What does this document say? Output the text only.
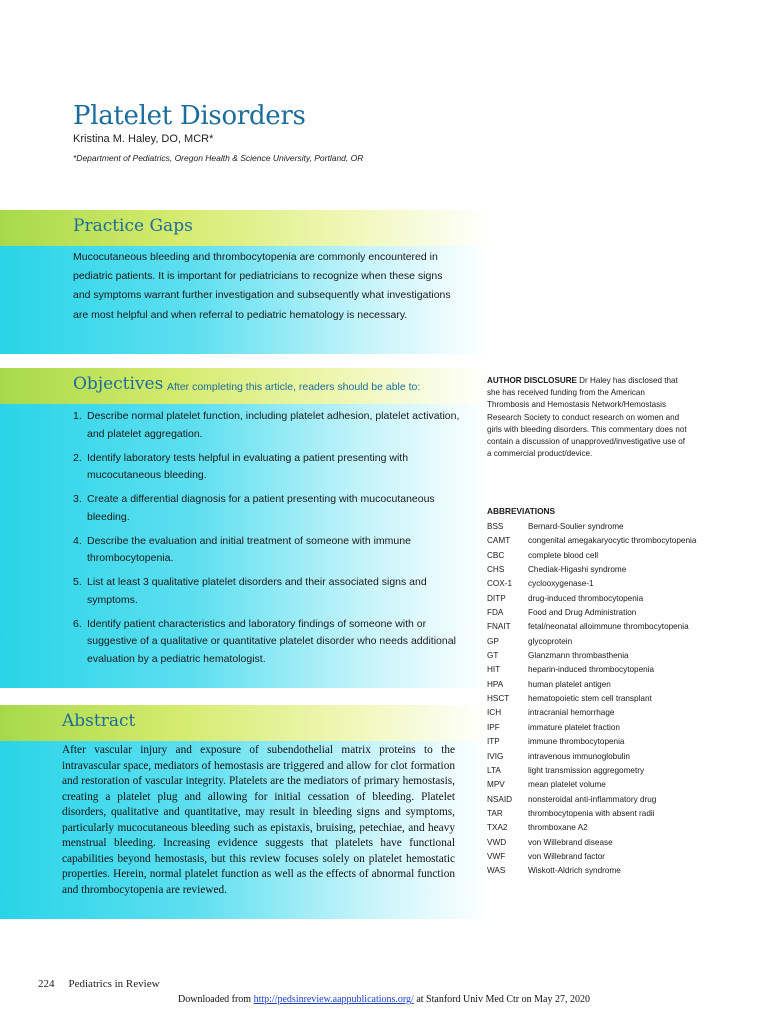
Platelet Disorders
Kristina M. Haley, DO, MCR*
*Department of Pediatrics, Oregon Health & Science University, Portland, OR
Practice Gaps
Mucocutaneous bleeding and thrombocytopenia are commonly encountered in pediatric patients. It is important for pediatricians to recognize when these signs and symptoms warrant further investigation and subsequently what investigations are most helpful and when referral to pediatric hematology is necessary.
Objectives After completing this article, readers should be able to:
1. Describe normal platelet function, including platelet adhesion, platelet activation, and platelet aggregation.
2. Identify laboratory tests helpful in evaluating a patient presenting with mucocutaneous bleeding.
3. Create a differential diagnosis for a patient presenting with mucocutaneous bleeding.
4. Describe the evaluation and initial treatment of someone with immune thrombocytopenia.
5. List at least 3 qualitative platelet disorders and their associated signs and symptoms.
6. Identify patient characteristics and laboratory findings of someone with or suggestive of a qualitative or quantitative platelet disorder who needs additional evaluation by a pediatric hematologist.
Abstract
After vascular injury and exposure of subendothelial matrix proteins to the intravascular space, mediators of hemostasis are triggered and allow for clot formation and restoration of vascular integrity. Platelets are the mediators of primary hemostasis, creating a platelet plug and allowing for initial cessation of bleeding. Platelet disorders, qualitative and quantitative, may result in bleeding signs and symptoms, particularly mucocutaneous bleeding such as epistaxis, bruising, petechiae, and heavy menstrual bleeding. Increasing evidence suggests that platelets have functional capabilities beyond hemostasis, but this review focuses solely on platelet hemostatic properties. Herein, normal platelet function as well as the effects of abnormal function and thrombocytopenia are reviewed.
AUTHOR DISCLOSURE Dr Haley has disclosed that she has received funding from the American Thrombosis and Hemostasis Network/Hemostasis Research Society to conduct research on women and girls with bleeding disorders. This commentary does not contain a discussion of unapproved/investigative use of a commercial product/device.
ABBREVIATIONS
BSS	Bernard-Soulier syndrome
CAMT	congenital amegakaryocytic thrombocytopenia
CBC	complete blood cell
CHS	Chediak-Higashi syndrome
COX-1	cyclooxygenase-1
DITP	drug-induced thrombocytopenia
FDA	Food and Drug Administration
FNAIT	fetal/neonatal alloimmune thrombocytopenia
GP	glycoprotein
GT	Glanzmann thrombasthenia
HIT	heparin-induced thrombocytopenia
HPA	human platelet antigen
HSCT	hematopoietic stem cell transplant
ICH	intracranial hemorrhage
IPF	immature platelet fraction
ITP	immune thrombocytopenia
IVIG	intravenous immunoglobulin
LTA	light transmission aggregometry
MPV	mean platelet volume
NSAID	nonsteroidal anti-inflammatory drug
TAR	thrombocytopenia with absent radii
TXA2	thromboxane A2
VWD	von Willebrand disease
VWF	von Willebrand factor
WAS	Wiskott-Aldrich syndrome
224 Pediatrics in Review
Downloaded from http://pedsinreview.aappublications.org/ at Stanford Univ Med Ctr on May 27, 2020
